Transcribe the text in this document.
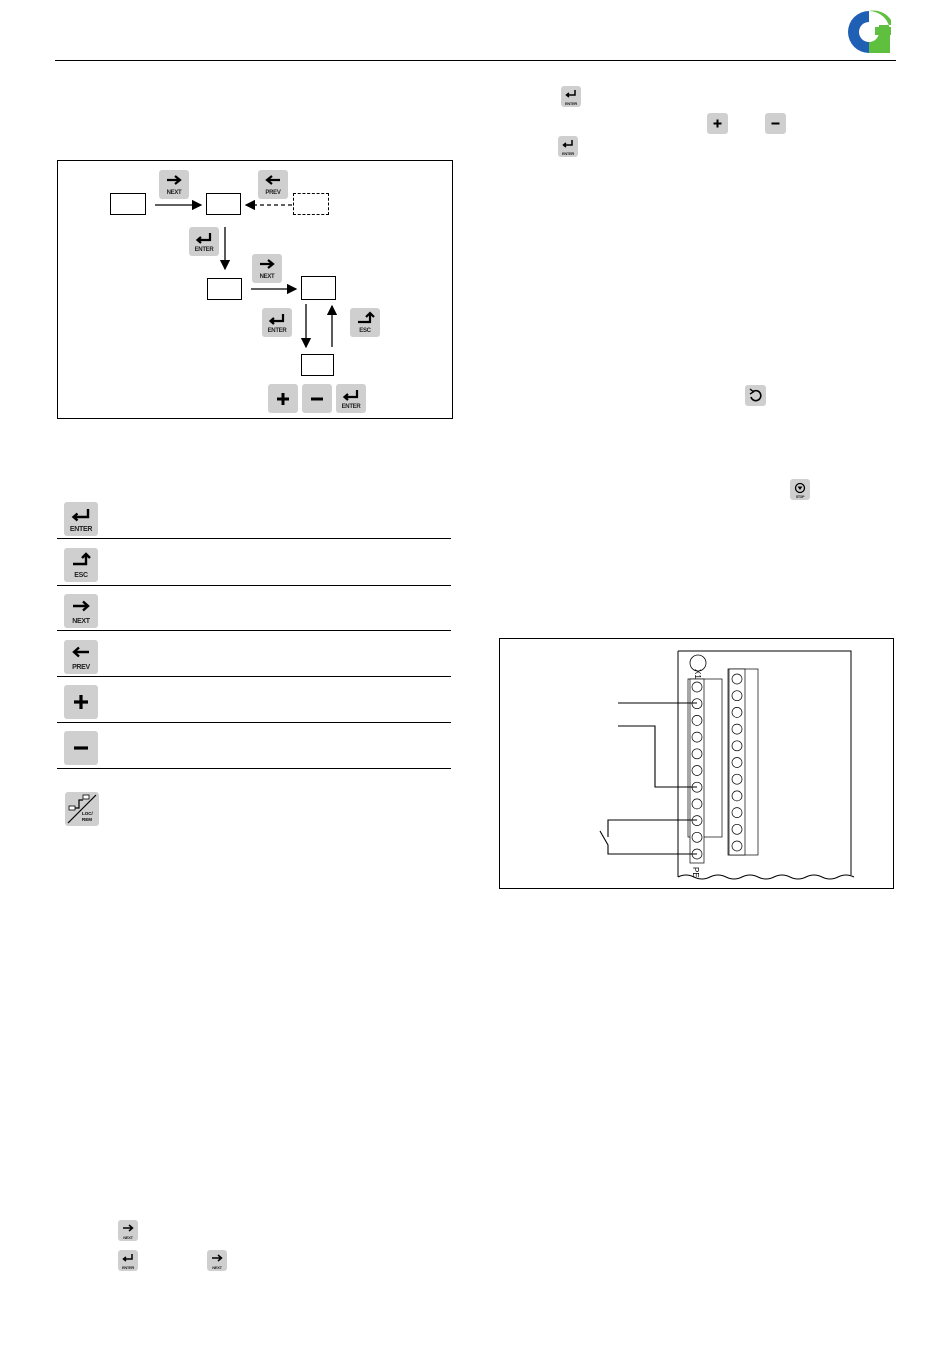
NEXT	PREV
ENTER
NEXT
ENTER	ESC
ENTER
ENTER
ESC
NEXT
PREV
LOC/
REM
ENTER
ENTER
STOP
X1
PE
NEXT
ENTER	NEXT
